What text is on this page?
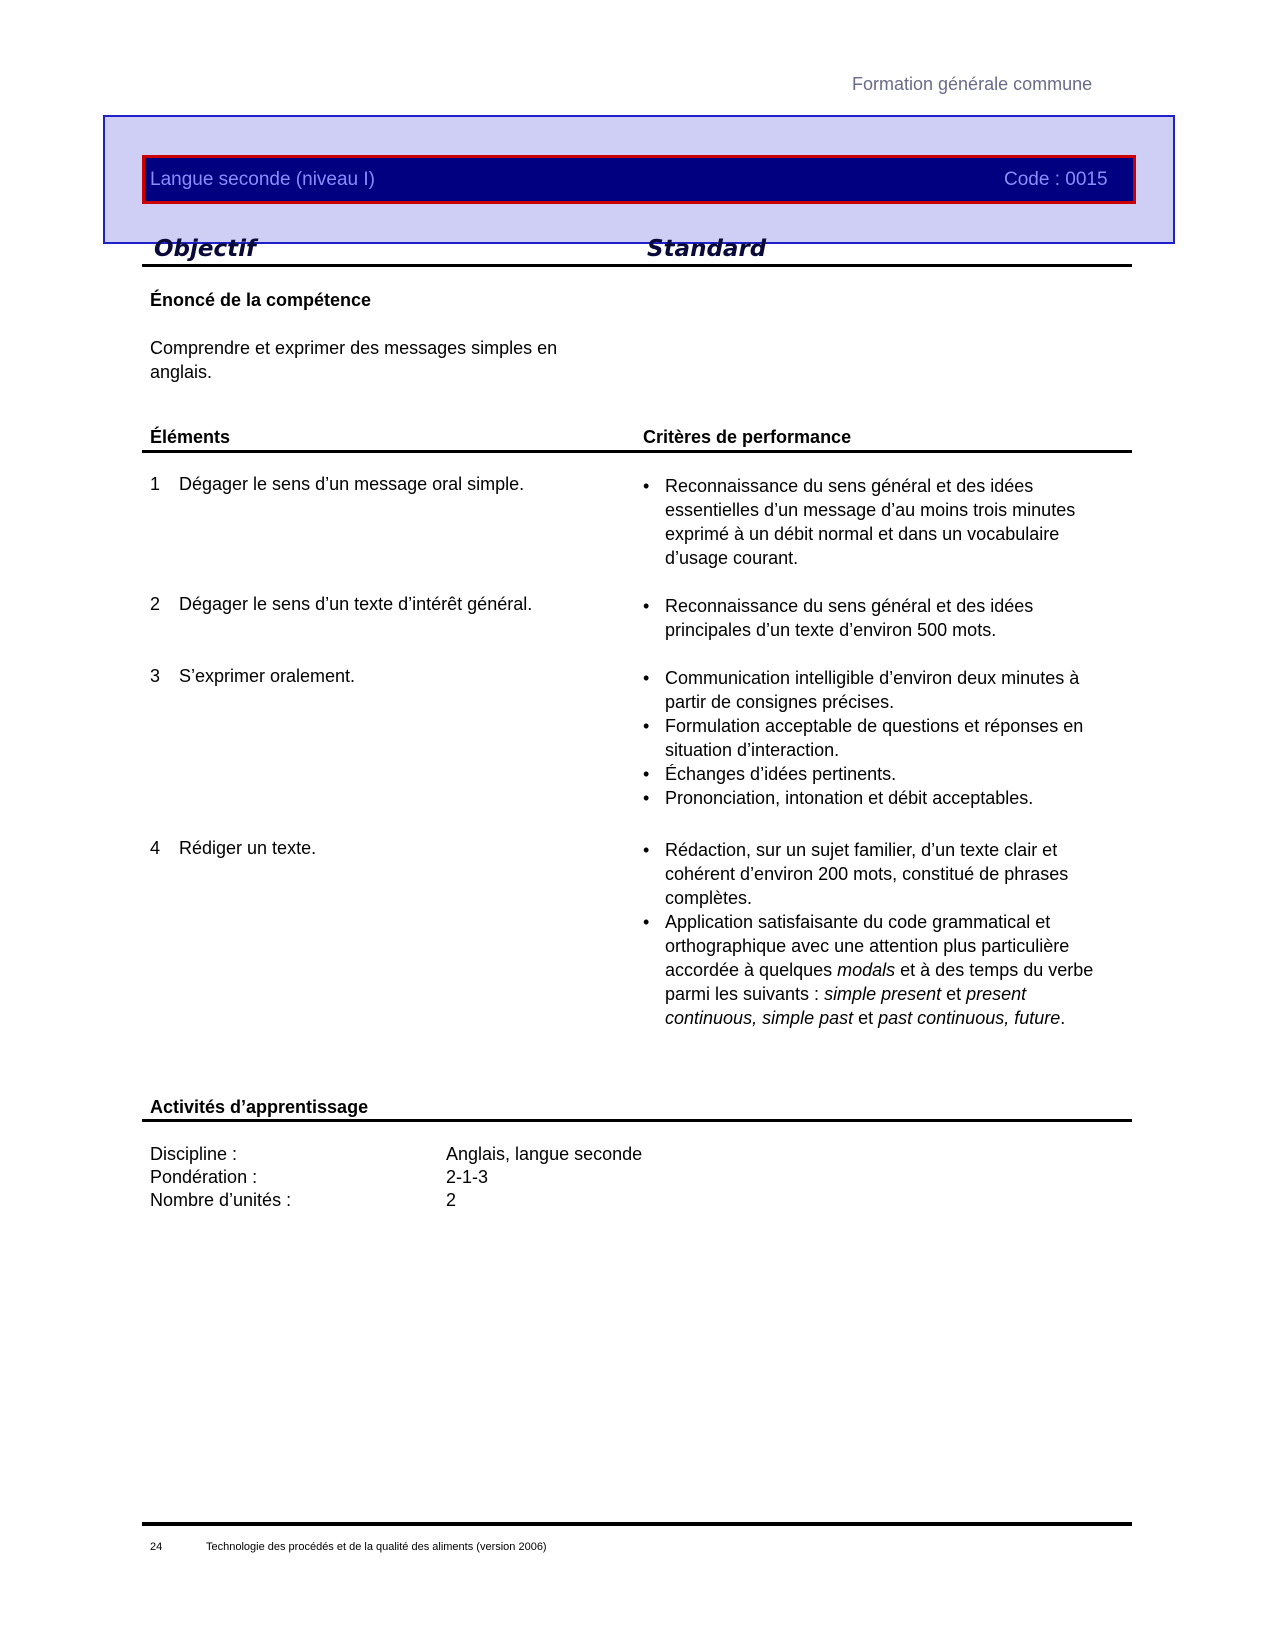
Formation générale commune
Langue seconde (niveau I)	Code : 0015
Objectif	Standard
Énoncé de la compétence
Comprendre et exprimer des messages simples en anglais.
Éléments	Critères de performance
1 Dégager le sens d’un message oral simple.	• Reconnaissance du sens général et des idées essentielles d’un message d’au moins trois minutes exprimé à un débit normal et dans un vocabulaire d’usage courant.
2 Dégager le sens d’un texte d’intérêt général.	• Reconnaissance du sens général et des idées principales d’un texte d’environ 500 mots.
3 S’exprimer oralement.	• Communication intelligible d’environ deux minutes à partir de consignes précises.
• Formulation acceptable de questions et réponses en situation d’interaction.
• Échanges d’idées pertinents.
• Prononciation, intonation et débit acceptables.
4 Rédiger un texte.	• Rédaction, sur un sujet familier, d’un texte clair et cohérent d’environ 200 mots, constitué de phrases complètes.
• Application satisfaisante du code grammatical et orthographique avec une attention plus particulière accordée à quelques modals et à des temps du verbe parmi les suivants : simple present et present continuous, simple past et past continuous, future.
Activités d’apprentissage
Discipline :	Anglais, langue seconde
Pondération :	2-1-3
Nombre d’unités :	2
24	Technologie des procédés et de la qualité des aliments (version 2006)
